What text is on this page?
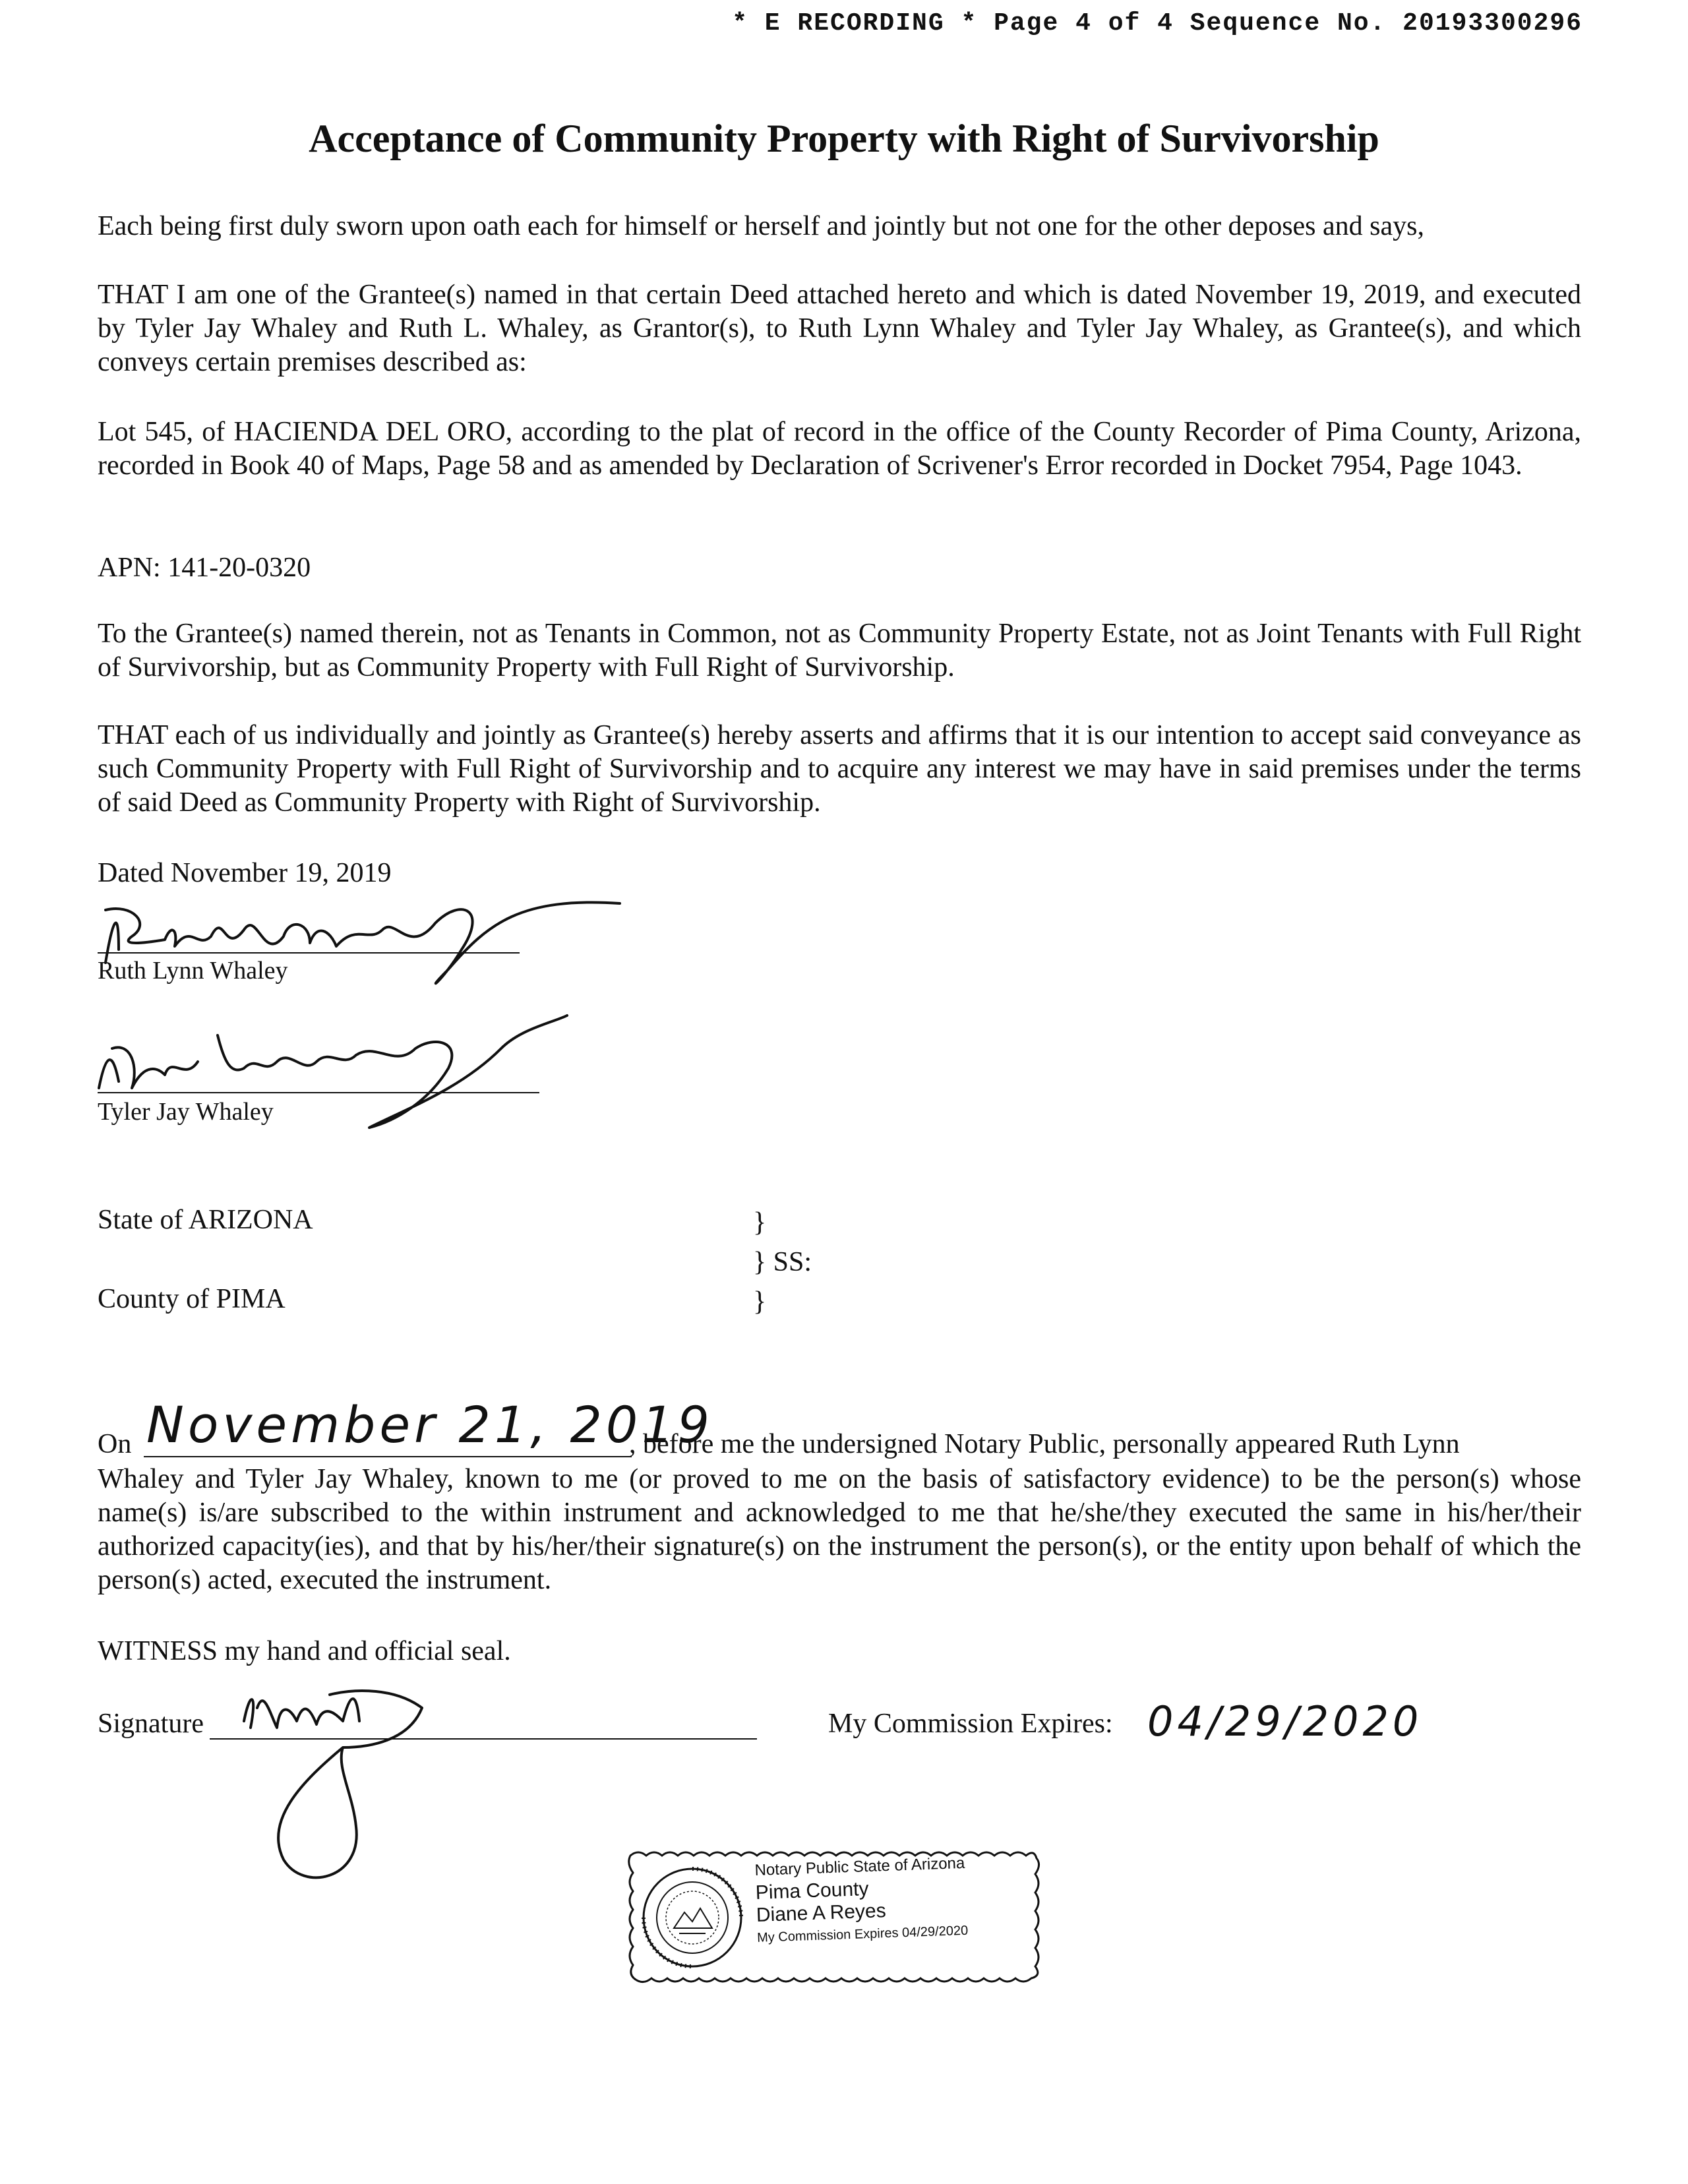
* E RECORDING * Page 4 of 4 Sequence No. 20193300296
Acceptance of Community Property with Right of Survivorship
Each being first duly sworn upon oath each for himself or herself and jointly but not one for the other deposes and says,
THAT I am one of the Grantee(s) named in that certain Deed attached hereto and which is dated November 19, 2019, and executed by Tyler Jay Whaley and Ruth L. Whaley, as Grantor(s), to Ruth Lynn Whaley and Tyler Jay Whaley, as Grantee(s), and which conveys certain premises described as:
Lot 545, of HACIENDA DEL ORO, according to the plat of record in the office of the County Recorder of Pima County, Arizona, recorded in Book 40 of Maps, Page 58 and as amended by Declaration of Scrivener's Error recorded in Docket 7954, Page 1043.
APN: 141-20-0320
To the Grantee(s) named therein, not as Tenants in Common, not as Community Property Estate, not as Joint Tenants with Full Right of Survivorship, but as Community Property with Full Right of Survivorship.
THAT each of us individually and jointly as Grantee(s) hereby asserts and affirms that it is our intention to accept said conveyance as such Community Property with Full Right of Survivorship and to acquire any interest we may have in said premises under the terms of said Deed as Community Property with Right of Survivorship.
Dated November 19, 2019
Ruth Lynn Whaley
Tyler Jay Whaley
State of ARIZONA	}
} SS:
County of PIMA	}
On November 21, 2019
, before me the undersigned Notary Public, personally appeared Ruth Lynn
Whaley and Tyler Jay Whaley, known to me (or proved to me on the basis of satisfactory evidence) to be the person(s) whose name(s) is/are subscribed to the within instrument and acknowledged to me that he/she/they executed the same in his/her/their authorized capacity(ies), and that by his/her/their signature(s) on the instrument the person(s), or the entity upon behalf of which the person(s) acted, executed the instrument.
WITNESS my hand and official seal.
Signature	My Commission Expires: 04/29/2020
Notary Public State of Arizona
Pima County
Diane A Reyes
My Commission Expires 04/29/2020
